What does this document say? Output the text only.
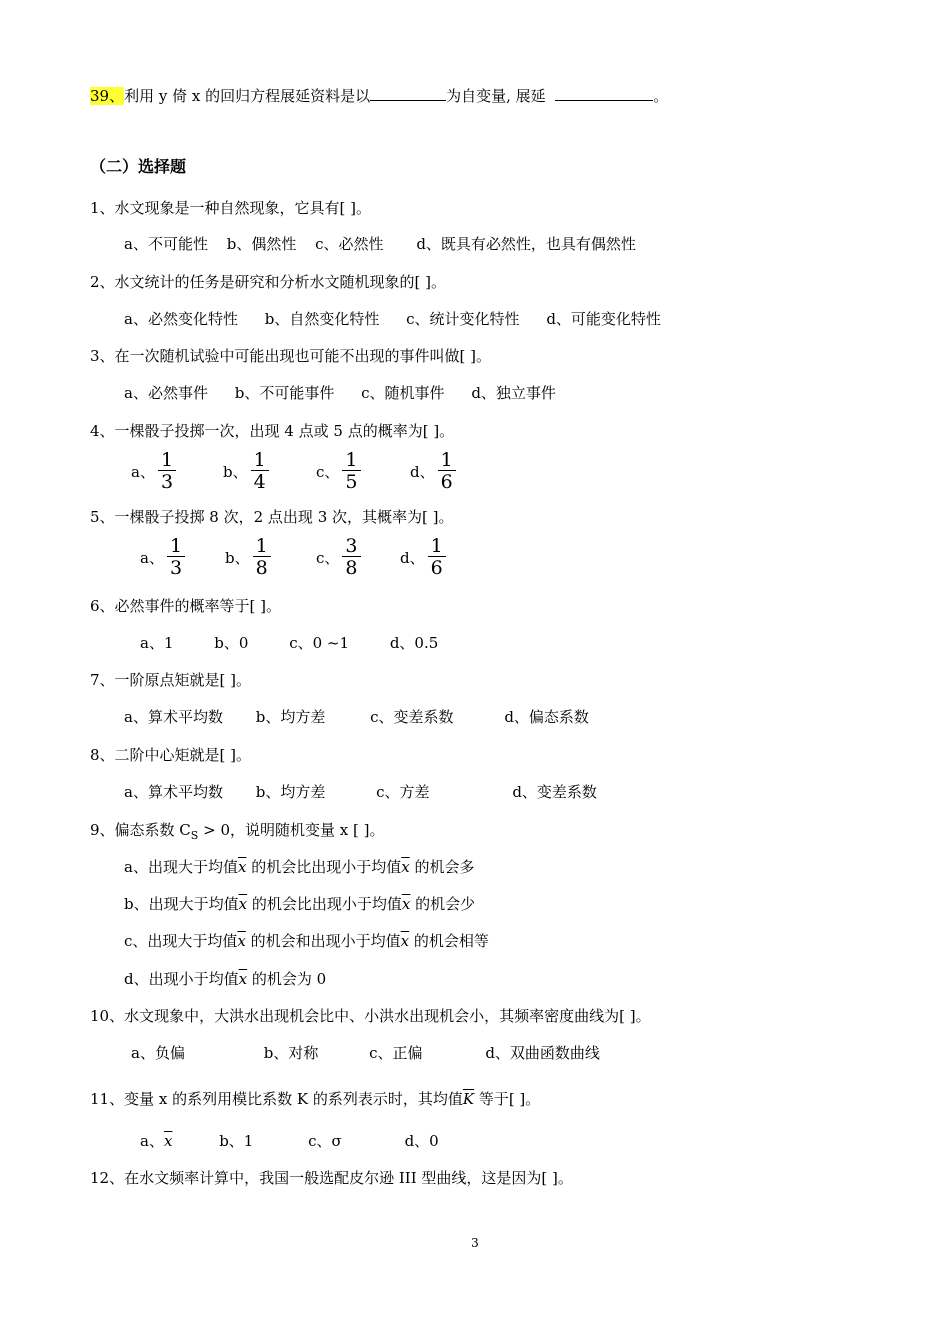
39、利用 y 倚 x 的回归方程展延资料是以	为自变量, 展延	。
（二）选择题
1、水文现象是一种自然现象，它具有[ ]。
a、不可能性 b、偶然性 c、必然性 d、既具有必然性，也具有偶然性
2、水文统计的任务是研究和分析水文随机现象的[ ]。
a、必然变化特性 b、自然变化特性 c、统计变化特性 d、可能变化特性
3、在一次随机试验中可能出现也可能不出现的事件叫做[ ]。
a、必然事件 b、不可能事件 c、随机事件 d、独立事件
4、一棵骰子投掷一次，出现 4 点或 5 点的概率为[ ]。
a、 $\frac{1}{3}$	b、 $\frac{1}{4}$	c、 $\frac{1}{5}$	d、 $\frac{1}{6}$
5、一棵骰子投掷 8 次，2 点出现 3 次，其概率为[ ]。
a、 $\frac{1}{3}$	b、 $\frac{1}{8}$	c、 $\frac{3}{8}$	d、 $\frac{1}{6}$
6、必然事件的概率等于[ ]。
a、1	b、0	c、0 ~1	d、0.5
7、一阶原点矩就是[ ]。
a、算术平均数 b、均方差	c、变差系数	d、偏态系数
8、二阶中心矩就是[ ]。
a、算术平均数 b、均方差	c、方差	d、变差系数
9、偏态系数 $C_S > 0$，说明随机变量 x [ ]。
a、出现大于均值$\overline{x}$ 的机会比出现小于均值$\overline{x}$ 的机会多
b、出现大于均值$\overline{x}$ 的机会比出现小于均值$\overline{x}$ 的机会少
c、出现大于均值$\overline{x}$ 的机会和出现小于均值$\overline{x}$ 的机会相等
d、出现小于均值$\overline{x}$ 的机会为 0
10、水文现象中，大洪水出现机会比中、小洪水出现机会小，其频率密度曲线为[ ]。
a、负偏	b、对称	c、正偏	d、双曲函数曲线
11、变量 x 的系列用模比系数 K 的系列表示时，其均值$\overline{K}$ 等于[ ]。
a、$\overline{x}$	b、1	c、σ	d、0
12、在水文频率计算中，我国一般选配皮尔逊 III 型曲线，这是因为[ ]。
3
